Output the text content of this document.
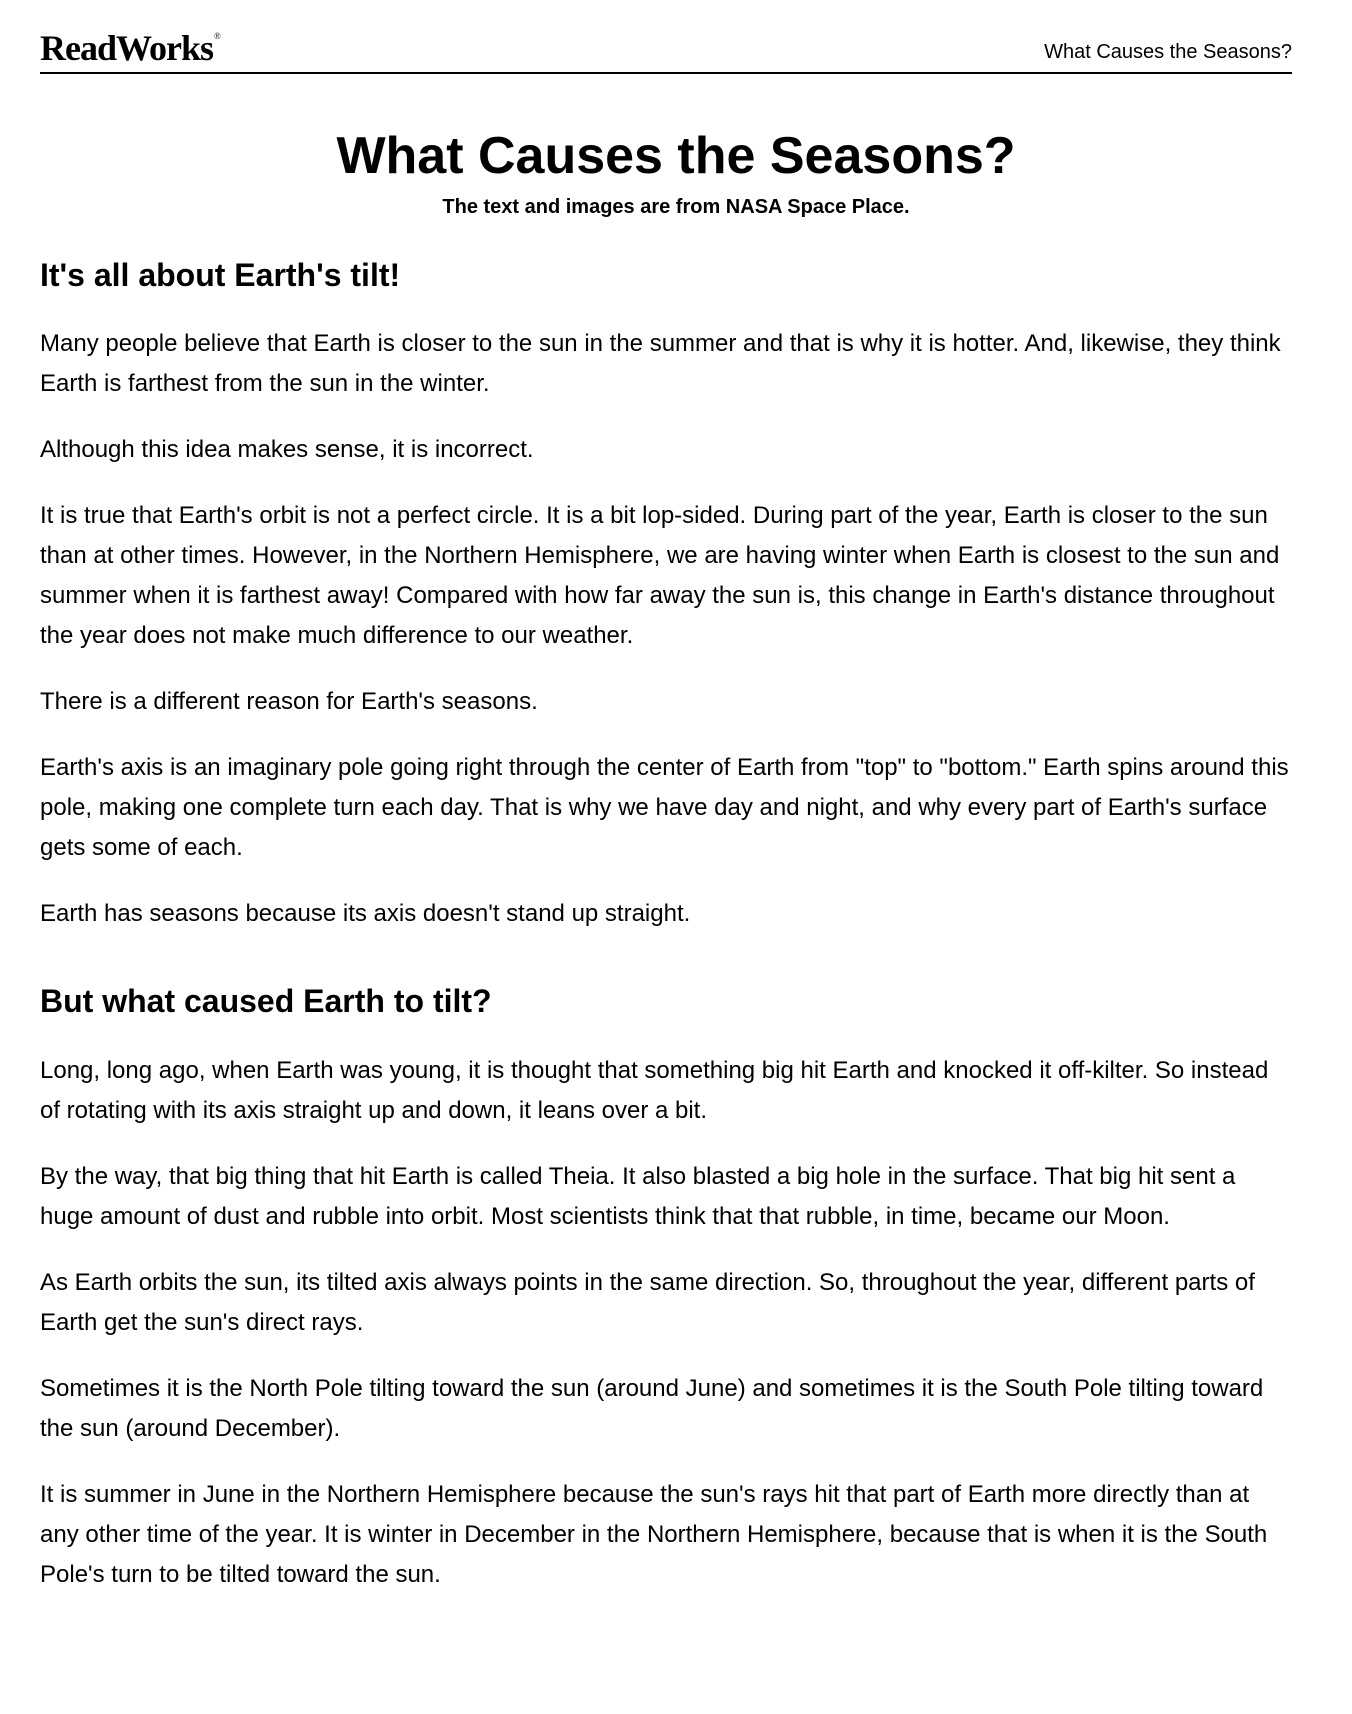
ReadWorks®
What Causes the Seasons?
What Causes the Seasons?

The text and images are from NASA Space Place.

It's all about Earth's tilt!

Many people believe that Earth is closer to the sun in the summer and that is why it is hotter. And, likewise, they think Earth is farthest from the sun in the winter.

Although this idea makes sense, it is incorrect.

It is true that Earth's orbit is not a perfect circle. It is a bit lop-sided. During part of the year, Earth is closer to the sun than at other times. However, in the Northern Hemisphere, we are having winter when Earth is closest to the sun and summer when it is farthest away! Compared with how far away the sun is, this change in Earth's distance throughout the year does not make much difference to our weather.

There is a different reason for Earth's seasons.

Earth's axis is an imaginary pole going right through the center of Earth from "top" to "bottom." Earth spins around this pole, making one complete turn each day. That is why we have day and night, and why every part of Earth's surface gets some of each.

Earth has seasons because its axis doesn't stand up straight.

But what caused Earth to tilt?

Long, long ago, when Earth was young, it is thought that something big hit Earth and knocked it off-kilter. So instead of rotating with its axis straight up and down, it leans over a bit.

By the way, that big thing that hit Earth is called Theia. It also blasted a big hole in the surface. That big hit sent a huge amount of dust and rubble into orbit. Most scientists think that that rubble, in time, became our Moon.

As Earth orbits the sun, its tilted axis always points in the same direction. So, throughout the year, different parts of Earth get the sun's direct rays.

Sometimes it is the North Pole tilting toward the sun (around June) and sometimes it is the South Pole tilting toward the sun (around December).

It is summer in June in the Northern Hemisphere because the sun's rays hit that part of Earth more directly than at any other time of the year. It is winter in December in the Northern Hemisphere, because that is when it is the South Pole's turn to be tilted toward the sun.
